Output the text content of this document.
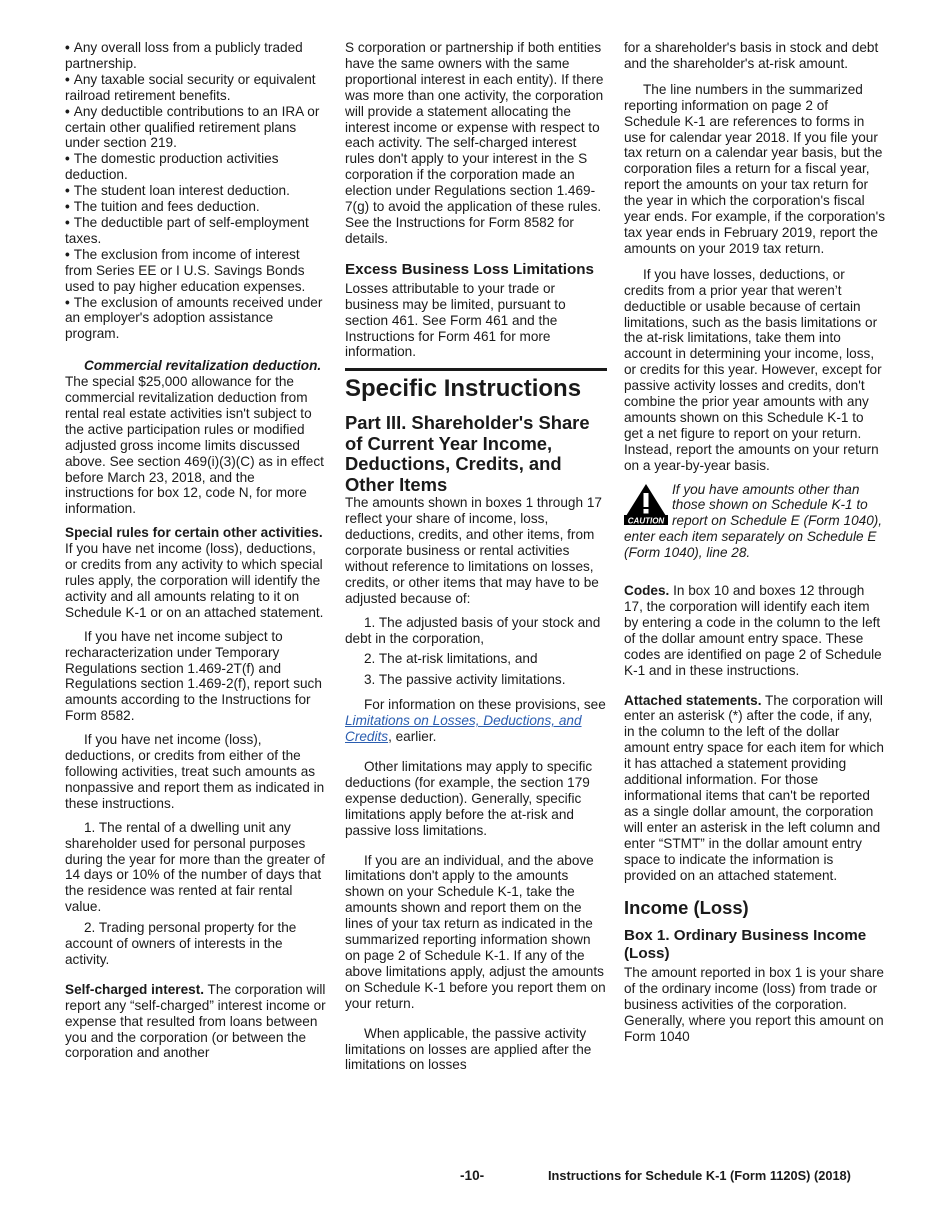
• Any overall loss from a publicly traded partnership.

• Any taxable social security or equivalent railroad retirement benefits.

• Any deductible contributions to an IRA or certain other qualified retirement plans under section 219.

• The domestic production activities deduction.

• The student loan interest deduction.

• The tuition and fees deduction.

• The deductible part of self-employment taxes.

• The exclusion from income of interest from Series EE or I U.S. Savings Bonds used to pay higher education expenses.

• The exclusion of amounts received under an employer's adoption assistance program.

Commercial revitalization deduction. The special $25,000 allowance for the commercial revitalization deduction from rental real estate activities isn't subject to the active participation rules or modified adjusted gross income limits discussed above. See section 469(i)(3)(C) as in effect before March 23, 2018, and the instructions for box 12, code N, for more information.

Special rules for certain other activities. If you have net income (loss), deductions, or credits from any activity to which special rules apply, the corporation will identify the activity and all amounts relating to it on Schedule K-1 or on an attached statement.

If you have net income subject to recharacterization under Temporary Regulations section 1.469-2T(f) and Regulations section 1.469-2(f), report such amounts according to the Instructions for Form 8582.

If you have net income (loss), deductions, or credits from either of the following activities, treat such amounts as nonpassive and report them as indicated in these instructions.

1. The rental of a dwelling unit any shareholder used for personal purposes during the year for more than the greater of 14 days or 10% of the number of days that the residence was rented at fair rental value.

2. Trading personal property for the account of owners of interests in the activity.

Self-charged interest. The corporation will report any “self-charged” interest income or expense that resulted from loans between you and the corporation (or between the corporation and another

S corporation or partnership if both entities have the same owners with the same proportional interest in each entity). If there was more than one activity, the corporation will provide a statement allocating the interest income or expense with respect to each activity. The self-charged interest rules don't apply to your interest in the S corporation if the corporation made an election under Regulations section 1.469-7(g) to avoid the application of these rules. See the Instructions for Form 8582 for details.

Excess Business Loss Limitations

Losses attributable to your trade or business may be limited, pursuant to section 461. See Form 461 and the Instructions for Form 461 for more information.

Specific Instructions
Part III. Shareholder's Share of Current Year Income, Deductions, Credits, and Other Items

The amounts shown in boxes 1 through 17 reflect your share of income, loss, deductions, credits, and other items, from corporate business or rental activities without reference to limitations on losses, credits, or other items that may have to be adjusted because of:

1. The adjusted basis of your stock and debt in the corporation,

2. The at-risk limitations, and

3. The passive activity limitations.

For information on these provisions, see Limitations on Losses, Deductions, and Credits, earlier.

Other limitations may apply to specific deductions (for example, the section 179 expense deduction). Generally, specific limitations apply before the at-risk and passive loss limitations.

If you are an individual, and the above limitations don't apply to the amounts shown on your Schedule K-1, take the amounts shown and report them on the lines of your tax return as indicated in the summarized reporting information shown on page 2 of Schedule K-1. If any of the above limitations apply, adjust the amounts on Schedule K-1 before you report them on your return.

When applicable, the passive activity limitations on losses are applied after the limitations on losses

for a shareholder's basis in stock and debt and the shareholder's at-risk amount.

The line numbers in the summarized reporting information on page 2 of Schedule K-1 are references to forms in use for calendar year 2018. If you file your tax return on a calendar year basis, but the corporation files a return for a fiscal year, report the amounts on your tax return for the year in which the corporation's fiscal year ends. For example, if the corporation's tax year ends in February 2019, report the amounts on your 2019 tax return.

If you have losses, deductions, or credits from a prior year that weren’t deductible or usable because of certain limitations, such as the basis limitations or the at-risk limitations, take them into account in determining your income, loss, or credits for this year. However, except for passive activity losses and credits, don't combine the prior year amounts with any amounts shown on this Schedule K-1 to get a net figure to report on your return. Instead, report the amounts on your return on a year-by-year basis.

CAUTION
If you have amounts other than those shown on Schedule K-1 to report on Schedule E (Form 1040), enter each item separately on Schedule E (Form 1040), line 28.

Codes. In box 10 and boxes 12 through 17, the corporation will identify each item by entering a code in the column to the left of the dollar amount entry space. These codes are identified on page 2 of Schedule K-1 and in these instructions.

Attached statements. The corporation will enter an asterisk (*) after the code, if any, in the column to the left of the dollar amount entry space for each item for which it has attached a statement providing additional information. For those informational items that can't be reported as a single dollar amount, the corporation will enter an asterisk in the left column and enter “STMT” in the dollar amount entry space to indicate the information is provided on an attached statement.

Income (Loss)
Box 1. Ordinary Business Income (Loss)

The amount reported in box 1 is your share of the ordinary income (loss) from trade or business activities of the corporation. Generally, where you report this amount on Form 1040

-10-	Instructions for Schedule K-1 (Form 1120S) (2018)
